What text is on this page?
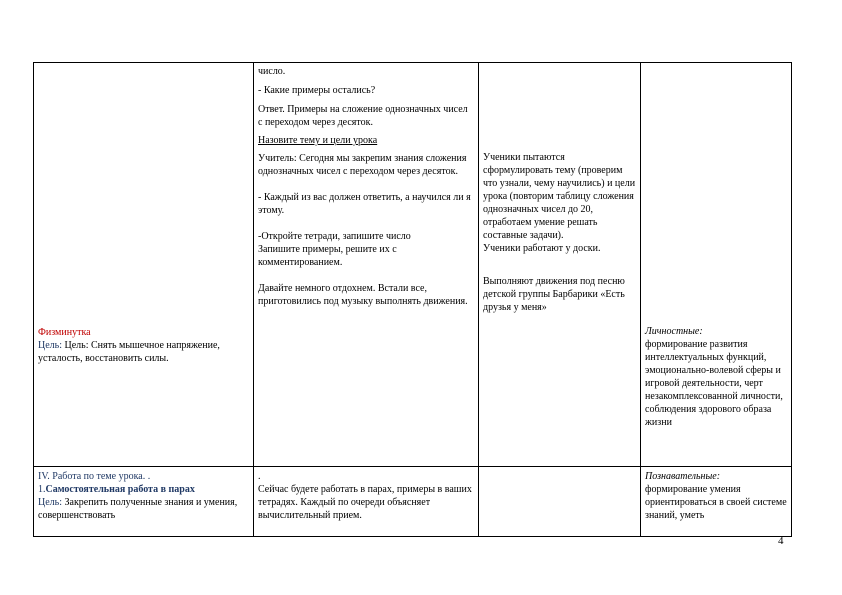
Физминутка

Цель: Цель: Снять мышечное напряжение, усталость, восстановить силы.

число.

- Какие примеры остались?

Ответ. Примеры на сложение однозначных чисел с переходом через десяток.

Назовите тему и цели урока

Учитель: Сегодня мы закрепим знания сложения однозначных чисел с переходом через десяток.

- Каждый из вас должен ответить, а научился ли я этому.

-Откройте тетради, запишите число

Запишите примеры, решите их с комментированием.

Давайте немного отдохнем. Встали все, приготовились под музыку выполнять движения.

Ученики пытаются сформулировать тему (проверим что узнали, чему научились) и цели урока (повторим таблицу сложения однозначных чисел до 20, отработаем умение решать составные задачи).

Ученики работают у доски.

Выполняют движения под песню детской группы Барбарики «Есть друзья у меня»

Личностные:

формирование развития интеллектуальных функций, эмоционально-волевой сферы и игровой деятельности, черт незакомплексованной личности, соблюдения здорового образа жизни

IV. Работа по теме урока. .

1.Самостоятельная работа в парах

Цель: Закрепить полученные знания и умения, совершенствовать

.

Сейчас будете работать в парах, примеры в ваших тетрадях. Каждый по очереди объясняет вычислительный прием.

Познавательные:

формирование умения ориентироваться в своей системе знаний, уметь

4
